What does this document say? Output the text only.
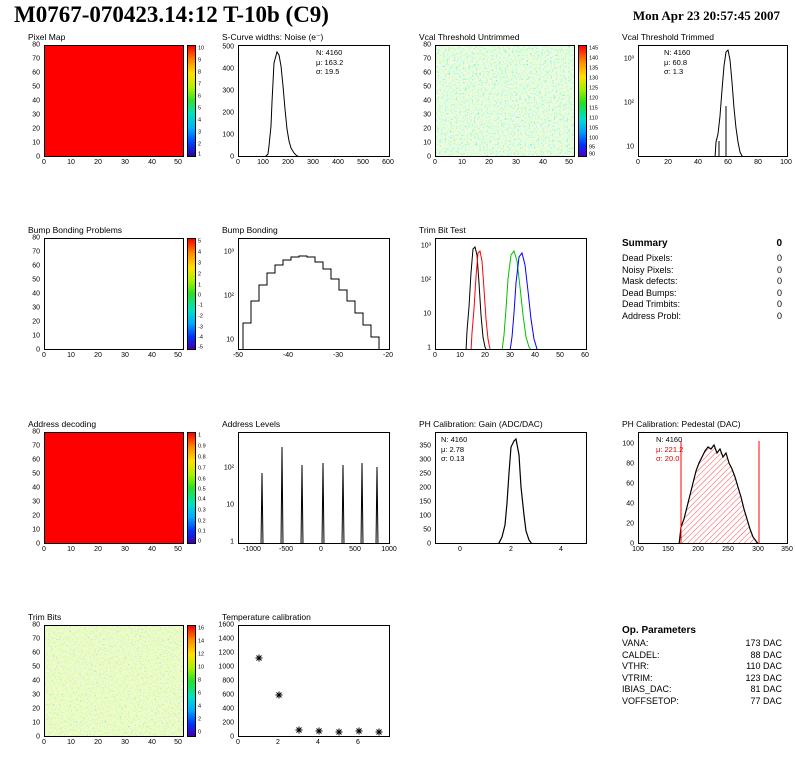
M0767-070423.14:12 T-10b (C9)	Mon Apr 23 20:57:45 2007
Pixel Map
0
10
20
30
40
50
60
70
80
0	10	20	30	40	50
10
9
8
7
6
5
4
3
2
1
S-Curve widths: Noise (e⁻)
0
100
200
300
400
500
0 100 200 300 400 500 600
N: 4160
μ: 163.2
σ: 19.5
Vcal Threshold Untrimmed
0
10
20
30
40
50
60
70
80
0	10	20	30	40	50
145
140
135
130
125
120
115
110
105
100
95
90
Vcal Threshold Trimmed
10
10²
10³
0	20	40	60	80	100
N: 4160
μ: 60.8
σ: 1.3
Bump Bonding Problems
0
10
20
30
40
50
60
70
80
0	10	20	30	40	50
5
4
3
2
1
0
-1
-2
-3
-4
-5
Bump Bonding
10
10²
10³
-50	-40	-30	-20
Trim Bit Test
1
10
10²
10³
0	10 20 30 40 50 60
Summary	0
Dead Pixels:	0
Noisy Pixels:	0
Mask defects:	0
Dead Bumps:	0
Dead Trimbits:	0
Address Probl:	0
Address decoding
0
10
20
30
40
50
60
70
80
0	10	20	30	40	50
1
0.9
0.8
0.7
0.6
0.5
0.4
0.3
0.2
0.1
0
Address Levels
1
10
10²
-1000	-500	0	500	1000
PH Calibration: Gain (ADC/DAC)
0
50
100
150
200
250
300
350
0	2	4
N: 4160
μ: 2.78
σ: 0.13
PH Calibration: Pedestal (DAC)
0
20
40
60
80
100
100	150	200	250	300 350
N: 4160
μ: 221.2
σ: 20.0
Trim Bits
0
10
20
30
40
50
60
70
80
0	10	20	30	40	50
16
14
12
10
8
6
4
2
0
Temperature calibration
0
200
400
600
800
1000
1200
1400
1600
0	2	4	6
Op. Parameters
VANA:	173 DAC
CALDEL:	88 DAC
VTHR:	110 DAC
VTRIM:	123 DAC
IBIAS_DAC:	81 DAC
VOFFSETOP:	77 DAC
